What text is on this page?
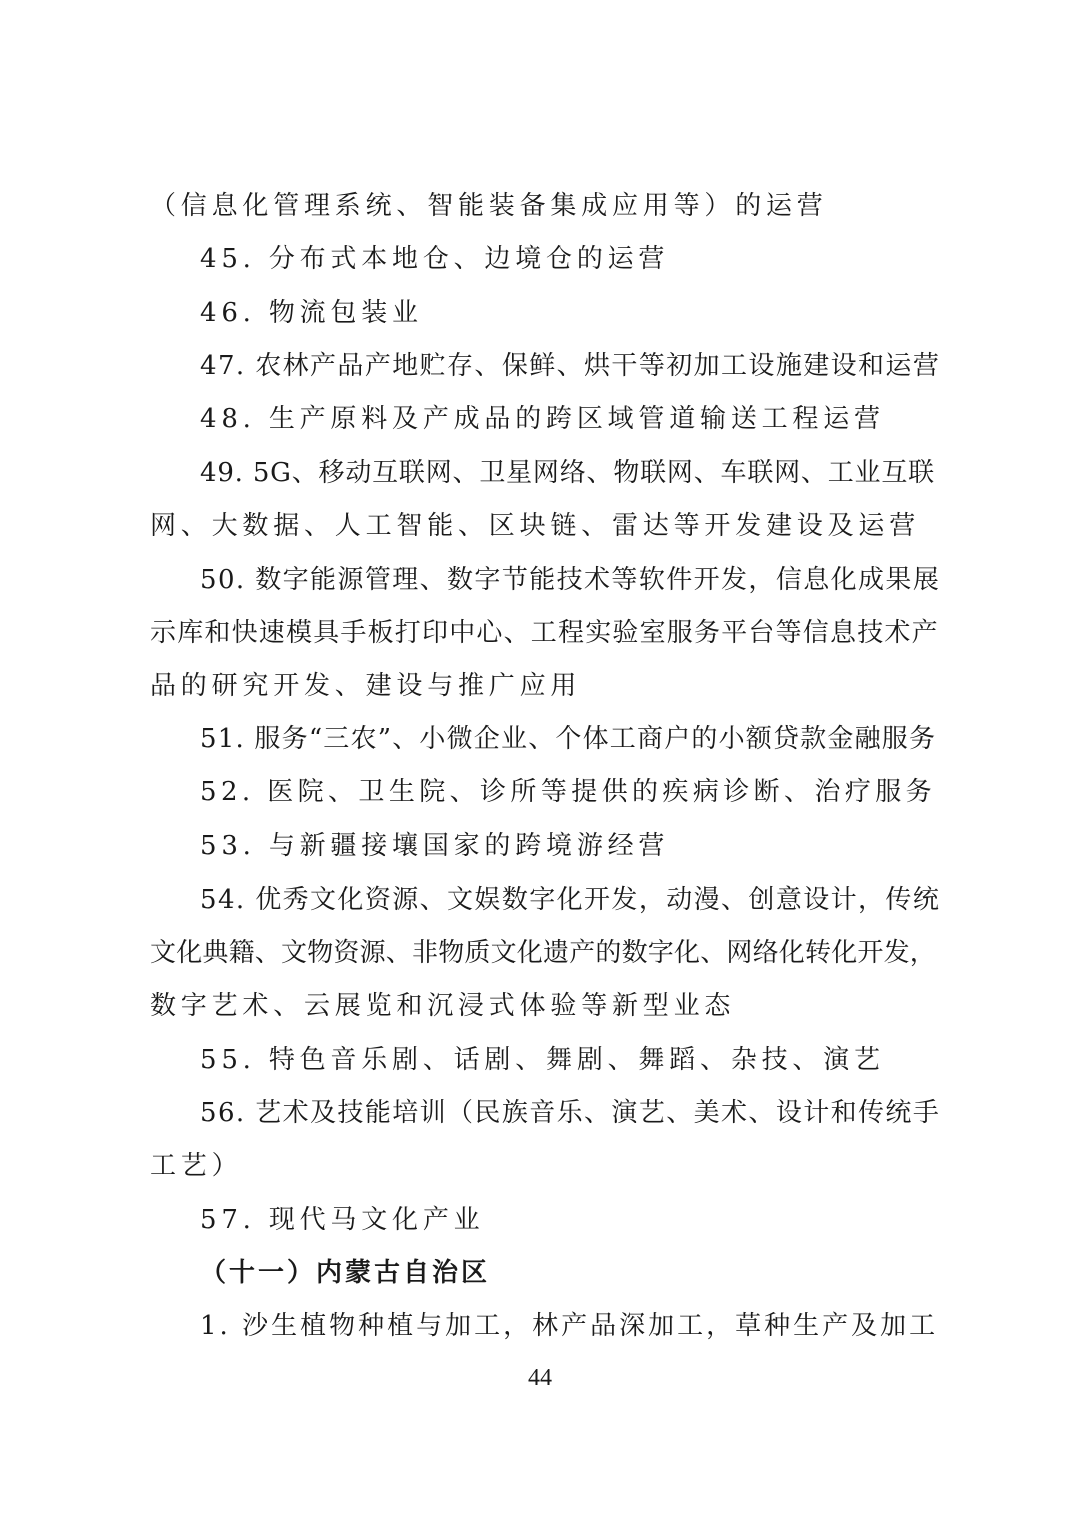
（信息化管理系统、智能装备集成应用等）的运营
45. 分布式本地仓、边境仓的运营
46. 物流包装业
47. 农林产品产地贮存、保鲜、烘干等初加工设施建设和运营
48. 生产原料及产成品的跨区域管道输送工程运营
49. 5G、移动互联网、卫星网络、物联网、车联网、工业互联
网、大数据、人工智能、区块链、雷达等开发建设及运营
50. 数字能源管理、数字节能技术等软件开发，信息化成果展
示库和快速模具手板打印中心、工程实验室服务平台等信息技术产
品的研究开发、建设与推广应用
51. 服务“三农”、小微企业、个体工商户的小额贷款金融服务
52. 医院、卫生院、诊所等提供的疾病诊断、治疗服务
53. 与新疆接壤国家的跨境游经营
54. 优秀文化资源、文娱数字化开发，动漫、创意设计，传统
文化典籍、文物资源、非物质文化遗产的数字化、网络化转化开发，
数字艺术、云展览和沉浸式体验等新型业态
55. 特色音乐剧、话剧、舞剧、舞蹈、杂技、演艺
56. 艺术及技能培训（民族音乐、演艺、美术、设计和传统手
工艺）
57. 现代马文化产业
（十一）内蒙古自治区
1. 沙生植物种植与加工，林产品深加工，草种生产及加工
44
